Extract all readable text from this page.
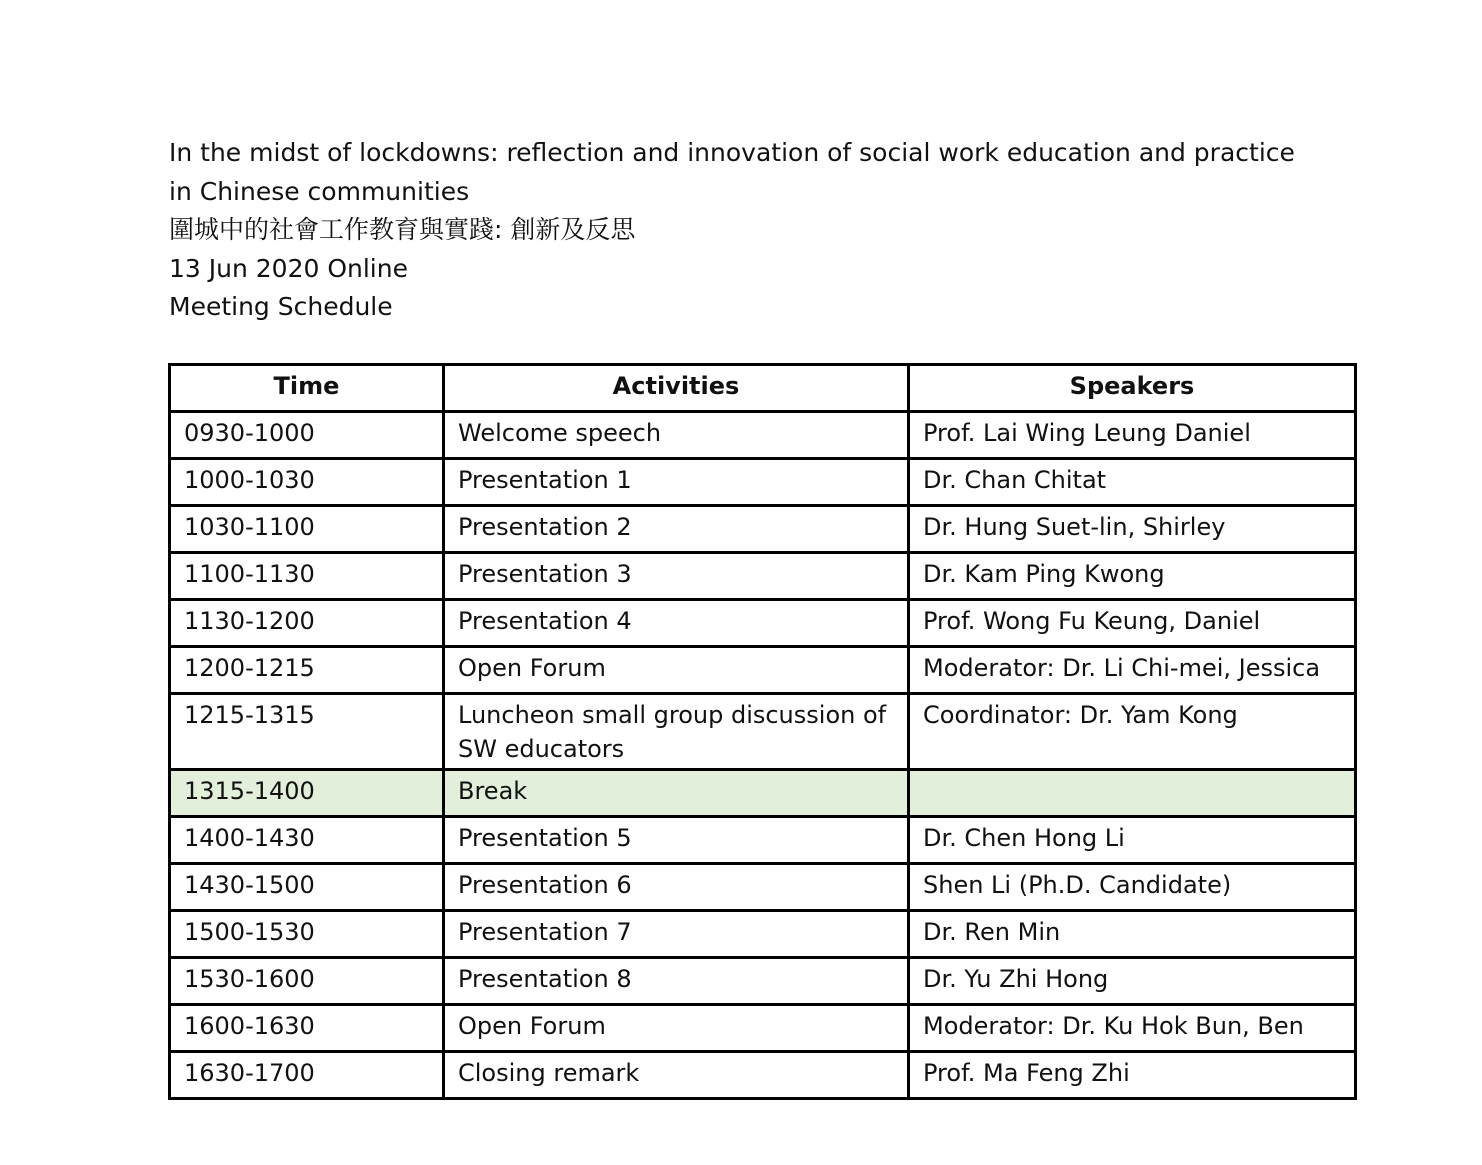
In the midst of lockdowns: reflection and innovation of social work education and practice
in Chinese communities
圍城中的社會工作教育與實踐: 創新及反思
13 Jun 2020 Online
Meeting Schedule
Time	Activities	Speakers
0930-1000	Welcome speech	Prof. Lai Wing Leung Daniel
1000-1030	Presentation 1	Dr. Chan Chitat
1030-1100	Presentation 2	Dr. Hung Suet-lin, Shirley
1100-1130	Presentation 3	Dr. Kam Ping Kwong
1130-1200	Presentation 4	Prof. Wong Fu Keung, Daniel
1200-1215	Open Forum	Moderator: Dr. Li Chi-mei, Jessica
1215-1315	Luncheon small group discussion of SW educators	Coordinator: Dr. Yam Kong
1315-1400	Break	
1400-1430	Presentation 5	Dr. Chen Hong Li
1430-1500	Presentation 6	Shen Li (Ph.D. Candidate)
1500-1530	Presentation 7	Dr. Ren Min
1530-1600	Presentation 8	Dr. Yu Zhi Hong
1600-1630	Open Forum	Moderator: Dr. Ku Hok Bun, Ben
1630-1700	Closing remark	Prof. Ma Feng Zhi
